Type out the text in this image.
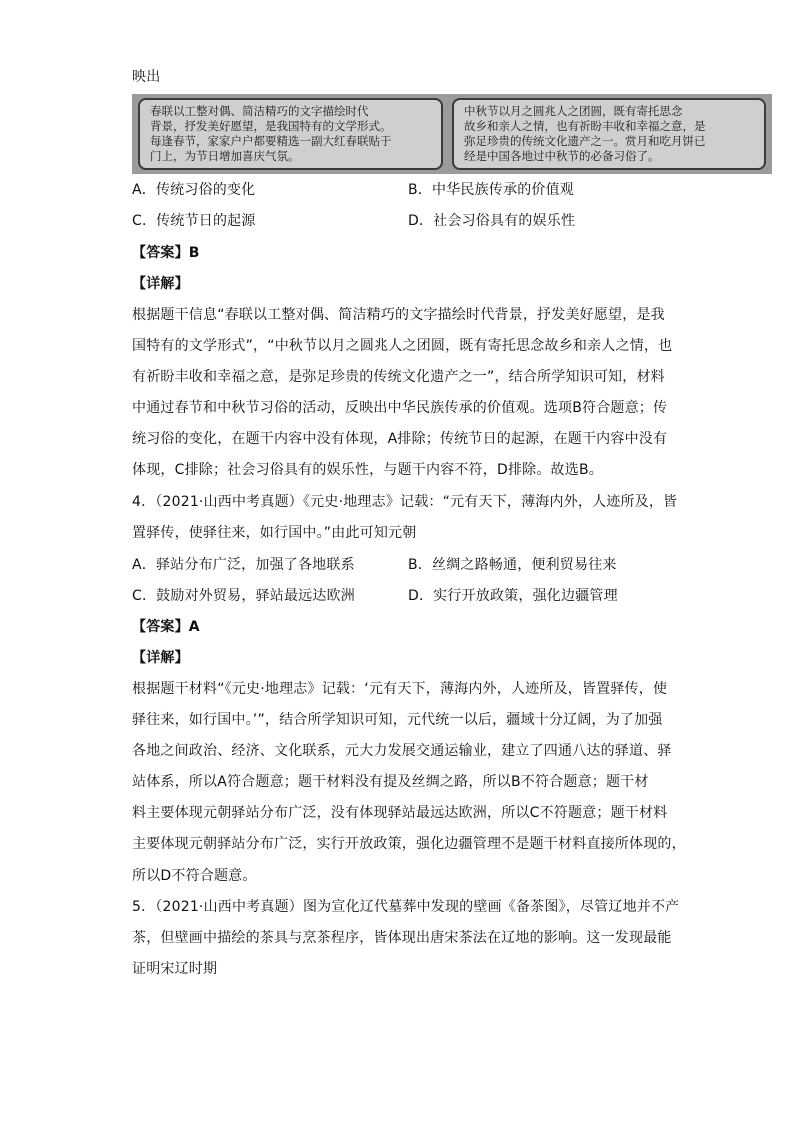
映出
春联以工整对偶、简洁精巧的文字描绘时代
背景，抒发美好愿望，是我国特有的文学形式。
每逢春节，家家户户都要精选一副大红春联贴于
门上，为节日增加喜庆气氛。
中秋节以月之圆兆人之团圆，既有寄托思念
故乡和亲人之情，也有祈盼丰收和幸福之意，是
弥足珍贵的传统文化遗产之一。赏月和吃月饼已
经是中国各地过中秋节的必备习俗了。
A．传统习俗的变化	B．中华民族传承的价值观
C．传统节日的起源	D．社会习俗具有的娱乐性
【答案】B
【详解】
根据题干信息“春联以工整对偶、简洁精巧的文字描绘时代背景，抒发美好愿望，是我
国特有的文学形式”，“中秋节以月之圆兆人之团圆，既有寄托思念故乡和亲人之情，也
有祈盼丰收和幸福之意，是弥足珍贵的传统文化遗产之一”，结合所学知识可知，材料
中通过春节和中秋节习俗的活动，反映出中华民族传承的价值观。选项B符合题意；传
统习俗的变化，在题干内容中没有体现，A排除；传统节日的起源，在题干内容中没有
体现，C排除；社会习俗具有的娱乐性，与题干内容不符，D排除。故选B。
4．（2021·山西中考真题）《元史·地理志》记载：“元有天下，薄海内外，人迹所及，皆
置驿传，使驿往来，如行国中。”由此可知元朝
A．驿站分布广泛，加强了各地联系	B．丝绸之路畅通，便利贸易往来
C．鼓励对外贸易，驿站最远达欧洲	D．实行开放政策，强化边疆管理
【答案】A
【详解】
根据题干材料“《元史·地理志》记载：‘元有天下，薄海内外，人迹所及，皆置驿传，使
驿往来，如行国中。’”，结合所学知识可知，元代统一以后，疆域十分辽阔，为了加强
各地之间政治、经济、文化联系，元大力发展交通运输业，建立了四通八达的驿道、驿
站体系，所以A符合题意；题干材料没有提及丝绸之路，所以B不符合题意；题干材
料主要体现元朝驿站分布广泛，没有体现驿站最远达欧洲，所以C不符题意；题干材料
主要体现元朝驿站分布广泛，实行开放政策，强化边疆管理不是题干材料直接所体现的，
所以D不符合题意。
5．（2021·山西中考真题）图为宣化辽代墓葬中发现的壁画《备茶图》，尽管辽地并不产
茶，但壁画中描绘的茶具与烹茶程序，皆体现出唐宋茶法在辽地的影响。这一发现最能
证明宋辽时期
